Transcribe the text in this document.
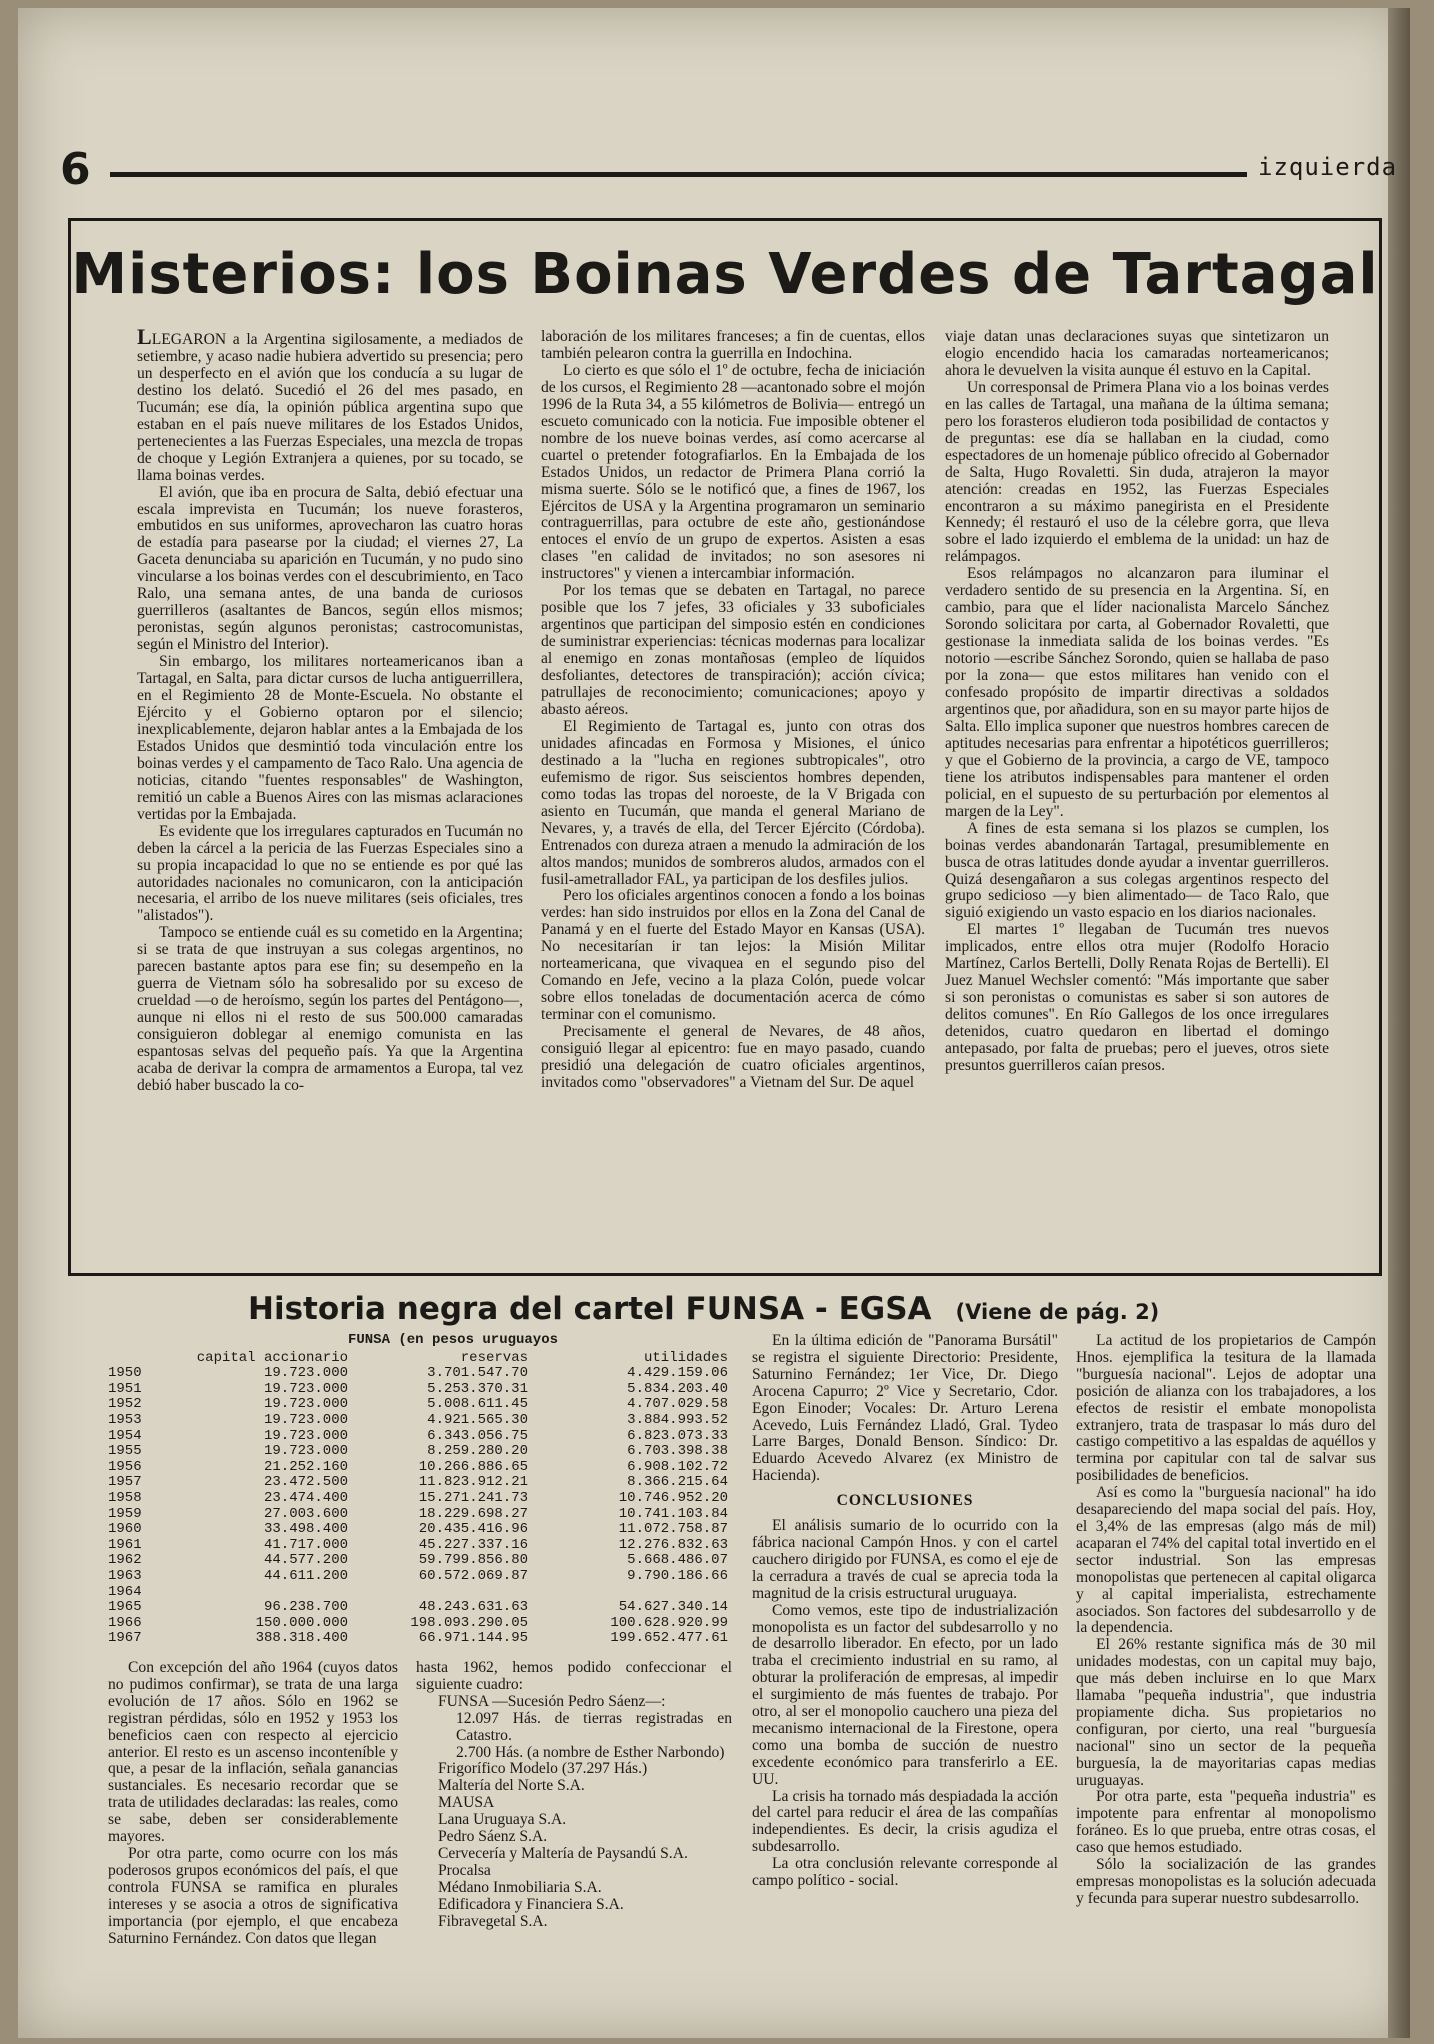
6	izquierda
Misterios: los Boinas Verdes de Tartagal

LLEGARON a la Argentina sigilosamente, a mediados de setiembre, y acaso nadie hubiera advertido su presencia; pero un desperfecto en el avión que los conducía a su lugar de destino los delató. Sucedió el 26 del mes pasado, en Tucumán; ese día, la opinión pública argentina supo que estaban en el país nueve militares de los Estados Unidos, pertenecientes a las Fuerzas Especiales, una mezcla de tropas de choque y Legión Extranjera a quienes, por su tocado, se llama boinas verdes.

El avión, que iba en procura de Salta, debió efectuar una escala imprevista en Tucumán; los nueve forasteros, embutidos en sus uniformes, aprovecharon las cuatro horas de estadía para pasearse por la ciudad; el viernes 27, La Gaceta denunciaba su aparición en Tucumán, y no pudo sino vincularse a los boinas verdes con el descubrimiento, en Taco Ralo, una semana antes, de una banda de curiosos guerrilleros (asaltantes de Bancos, según ellos mismos; peronistas, según algunos peronistas; castrocomunistas, según el Ministro del Interior).

Sin embargo, los militares norteamericanos iban a Tartagal, en Salta, para dictar cursos de lucha antiguerrillera, en el Regimiento 28 de Monte-Escuela. No obstante el Ejército y el Gobierno optaron por el silencio; inexplicablemente, dejaron hablar antes a la Embajada de los Estados Unidos que desmintió toda vinculación entre los boinas verdes y el campamento de Taco Ralo. Una agencia de noticias, citando "fuentes responsables" de Washington, remitió un cable a Buenos Aires con las mismas aclaraciones vertidas por la Embajada.

Es evidente que los irregulares capturados en Tucumán no deben la cárcel a la pericia de las Fuerzas Especiales sino a su propia incapacidad lo que no se entiende es por qué las autoridades nacionales no comunicaron, con la anticipación necesaria, el arribo de los nueve militares (seis oficiales, tres "alistados").

Tampoco se entiende cuál es su cometido en la Argentina; si se trata de que instruyan a sus colegas argentinos, no parecen bastante aptos para ese fin; su desempeño en la guerra de Vietnam sólo ha sobresalido por su exceso de crueldad —o de heroísmo, según los partes del Pentágono—, aunque ni ellos ni el resto de sus 500.000 camaradas consiguieron doblegar al enemigo comunista en las espantosas selvas del pequeño país. Ya que la Argentina acaba de derivar la compra de armamentos a Europa, tal vez debió haber buscado la co-

laboración de los militares franceses; a fin de cuentas, ellos también pelearon contra la guerrilla en Indochina.

Lo cierto es que sólo el 1º de octubre, fecha de iniciación de los cursos, el Regimiento 28 —acantonado sobre el mojón 1996 de la Ruta 34, a 55 kilómetros de Bolivia— entregó un escueto comunicado con la noticia. Fue imposible obtener el nombre de los nueve boinas verdes, así como acercarse al cuartel o pretender fotografiarlos. En la Embajada de los Estados Unidos, un redactor de Primera Plana corrió la misma suerte. Sólo se le notificó que, a fines de 1967, los Ejércitos de USA y la Argentina programaron un seminario contraguerrillas, para octubre de este año, gestionándose entoces el envío de un grupo de expertos. Asisten a esas clases "en calidad de invitados; no son asesores ni instructores" y vienen a intercambiar información.

Por los temas que se debaten en Tartagal, no parece posible que los 7 jefes, 33 oficiales y 33 suboficiales argentinos que participan del simposio estén en condiciones de suministrar experiencias: técnicas modernas para localizar al enemigo en zonas montañosas (empleo de líquidos desfoliantes, detectores de transpiración); acción cívica; patrullajes de reconocimiento; comunicaciones; apoyo y abasto aéreos.

El Regimiento de Tartagal es, junto con otras dos unidades afincadas en Formosa y Misiones, el único destinado a la "lucha en regiones subtropicales", otro eufemismo de rigor. Sus seiscientos hombres dependen, como todas las tropas del noroeste, de la V Brigada con asiento en Tucumán, que manda el general Mariano de Nevares, y, a través de ella, del Tercer Ejército (Córdoba). Entrenados con dureza atraen a menudo la admiración de los altos mandos; munidos de sombreros aludos, armados con el fusil-ametrallador FAL, ya participan de los desfiles julios.

Pero los oficiales argentinos conocen a fondo a los boinas verdes: han sido instruidos por ellos en la Zona del Canal de Panamá y en el fuerte del Estado Mayor en Kansas (USA). No necesitarían ir tan lejos: la Misión Militar norteamericana, que vivaquea en el segundo piso del Comando en Jefe, vecino a la plaza Colón, puede volcar sobre ellos toneladas de documentación acerca de cómo terminar con el comunismo.

Precisamente el general de Nevares, de 48 años, consiguió llegar al epicentro: fue en mayo pasado, cuando presidió una delegación de cuatro oficiales argentinos, invitados como "observadores" a Vietnam del Sur. De aquel

viaje datan unas declaraciones suyas que sintetizaron un elogio encendido hacia los camaradas norteamericanos; ahora le devuelven la visita aunque él estuvo en la Capital.

Un corresponsal de Primera Plana vio a los boinas verdes en las calles de Tartagal, una mañana de la última semana; pero los forasteros eludieron toda posibilidad de contactos y de preguntas: ese día se hallaban en la ciudad, como espectadores de un homenaje público ofrecido al Gobernador de Salta, Hugo Rovaletti. Sin duda, atrajeron la mayor atención: creadas en 1952, las Fuerzas Especiales encontraron a su máximo panegirista en el Presidente Kennedy; él restauró el uso de la célebre gorra, que lleva sobre el lado izquierdo el emblema de la unidad: un haz de relámpagos.

Esos relámpagos no alcanzaron para iluminar el verdadero sentido de su presencia en la Argentina. Sí, en cambio, para que el líder nacionalista Marcelo Sánchez Sorondo solicitara por carta, al Gobernador Rovaletti, que gestionase la inmediata salida de los boinas verdes. "Es notorio —escribe Sánchez Sorondo, quien se hallaba de paso por la zona— que estos militares han venido con el confesado propósito de impartir directivas a soldados argentinos que, por añadidura, son en su mayor parte hijos de Salta. Ello implica suponer que nuestros hombres carecen de aptitudes necesarias para enfrentar a hipotéticos guerrilleros; y que el Gobierno de la provincia, a cargo de VE, tampoco tiene los atributos indispensables para mantener el orden policial, en el supuesto de su perturbación por elementos al margen de la Ley".

A fines de esta semana si los plazos se cumplen, los boinas verdes abandonarán Tartagal, presumiblemente en busca de otras latitudes donde ayudar a inventar guerrilleros. Quizá desengañaron a sus colegas argentinos respecto del grupo sedicioso —y bien alimentado— de Taco Ralo, que siguió exigiendo un vasto espacio en los diarios nacionales.

El martes 1º llegaban de Tucumán tres nuevos implicados, entre ellos otra mujer (Rodolfo Horacio Martínez, Carlos Bertelli, Dolly Renata Rojas de Bertelli). El Juez Manuel Wechsler comentó: "Más importante que saber si son peronistas o comunistas es saber si son autores de delitos comunes". En Río Gallegos de los once irregulares detenidos, cuatro quedaron en libertad el domingo antepasado, por falta de pruebas; pero el jueves, otros siete presuntos guerrilleros caían presos.

Historia negra del cartel FUNSA - EGSA (Viene de pág. 2)
FUNSA (en pesos uruguayos
capital accionario	reservas	utilidades
1950	19.723.000	3.701.547.70	4.429.159.06
1951	19.723.000	5.253.370.31	5.834.203.40
1952	19.723.000	5.008.611.45	4.707.029.58
1953	19.723.000	4.921.565.30	3.884.993.52
1954	19.723.000	6.343.056.75	6.823.073.33
1955	19.723.000	8.259.280.20	6.703.398.38
1956	21.252.160	10.266.886.65	6.908.102.72
1957	23.472.500	11.823.912.21	8.366.215.64
1958	23.474.400	15.271.241.73	10.746.952.20
1959	27.003.600	18.229.698.27	10.741.103.84
1960	33.498.400	20.435.416.96	11.072.758.87
1961	41.717.000	45.227.337.16	12.276.832.63
1962	44.577.200	59.799.856.80	5.668.486.07
1963	44.611.200	60.572.069.87	9.790.186.66
1964
1965	96.238.700	48.243.631.63	54.627.340.14
1966	150.000.000	198.093.290.05	100.628.920.99
1967	388.318.400	66.971.144.95	199.652.477.61

Con excepción del año 1964 (cuyos datos no pudimos confirmar), se trata de una larga evolución de 17 años. Sólo en 1962 se registran pérdidas, sólo en 1952 y 1953 los beneficios caen con respecto al ejercicio anterior. El resto es un ascenso inconteníble y que, a pesar de la inflación, señala ganancias sustanciales. Es necesario recordar que se trata de utilidades declaradas: las reales, como se sabe, deben ser considerablemente mayores.

Por otra parte, como ocurre con los más poderosos grupos económicos del país, el que controla FUNSA se ramifica en plurales intereses y se asocia a otros de significativa importancia (por ejemplo, el que encabeza Saturnino Fernández. Con datos que llegan

hasta 1962, hemos podido confeccionar el siguiente cuadro:

FUNSA —Sucesión Pedro Sáenz—:

12.097 Hás. de tierras registradas en Catastro.

2.700 Hás. (a nombre de Esther Narbondo)

Frigorífico Modelo (37.297 Hás.)

Maltería del Norte S.A.

MAUSA

Lana Uruguaya S.A.

Pedro Sáenz S.A.

Cervecería y Maltería de Paysandú S.A.

Procalsa

Médano Inmobiliaria S.A.

Edificadora y Financiera S.A.

Fibravegetal S.A.

En la última edición de "Panorama Bursátil" se registra el siguiente Directorio: Presidente, Saturnino Fernández; 1er Vice, Dr. Diego Arocena Capurro; 2º Vice y Secretario, Cdor. Egon Einoder; Vocales: Dr. Arturo Lerena Acevedo, Luis Fernández Lladó, Gral. Tydeo Larre Barges, Donald Benson. Síndico: Dr. Eduardo Acevedo Alvarez (ex Ministro de Hacienda).

CONCLUSIONES

El análisis sumario de lo ocurrido con la fábrica nacional Campón Hnos. y con el cartel cauchero dirigido por FUNSA, es como el eje de la cerradura a través de cual se aprecia toda la magnitud de la crisis estructural uruguaya.

Como vemos, este tipo de industrialización monopolista es un factor del subdesarrollo y no de desarrollo liberador. En efecto, por un lado traba el crecimiento industrial en su ramo, al obturar la proliferación de empresas, al impedir el surgimiento de más fuentes de trabajo. Por otro, al ser el monopolio cauchero una pieza del mecanismo internacional de la Firestone, opera como una bomba de succión de nuestro excedente económico para transferirlo a EE. UU.

La crisis ha tornado más despiadada la acción del cartel para reducir el área de las compañías independientes. Es decir, la crisis agudiza el subdesarrollo.

La otra conclusión relevante corresponde al campo político - social.

La actitud de los propietarios de Campón Hnos. ejemplifica la tesitura de la llamada "burguesía nacional". Lejos de adoptar una posición de alianza con los trabajadores, a los efectos de resistir el embate monopolista extranjero, trata de traspasar lo más duro del castigo competitivo a las espaldas de aquéllos y termina por capitular con tal de salvar sus posibilidades de beneficios.

Así es como la "burguesía nacional" ha ido desapareciendo del mapa social del país. Hoy, el 3,4% de las empresas (algo más de mil) acaparan el 74% del capital total invertido en el sector industrial. Son las empresas monopolistas que pertenecen al capital oligarca y al capital imperialista, estrechamente asociados. Son factores del subdesarrollo y de la dependencia.

El 26% restante significa más de 30 mil unidades modestas, con un capital muy bajo, que más deben incluirse en lo que Marx llamaba "pequeña industria", que industria propiamente dicha. Sus propietarios no configuran, por cierto, una real "burguesía nacional" sino un sector de la pequeña burguesía, la de mayoritarias capas medias uruguayas.

Por otra parte, esta "pequeña industria" es impotente para enfrentar al monopolismo foráneo. Es lo que prueba, entre otras cosas, el caso que hemos estudiado.

Sólo la socialización de las grandes empresas monopolistas es la solución adecuada y fecunda para superar nuestro subdesarrollo.
